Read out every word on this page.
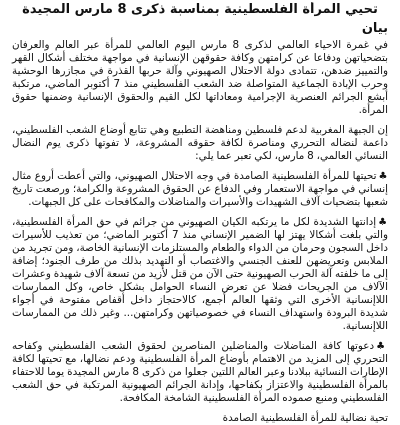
تحيي المرأة الفلسطينية بمناسبة ذكرى 8 مارس المجيدة
بيان

في غمرة الاحياء العالمي لذكرى 8 مارس اليوم العالمي للمرأة عبر العالم والعرفان بتضحياتهن ودفاعا عن كرامتهن وكافة حقوقهن الإنسانية في مواجهة مختلف أشكال القهر والتمييز ضدهن، تتمادى دولة الاحتلال الصهيوني وآلة حربها القذرة في مجازرها الوحشية وحرب الإبادة الجماعية المتواصلة ضد الشعب الفلسطيني منذ 7 أكتوبر الماضي، مرتكبة أبشع الجرائم العنصرية الإجرامية ومعاداتها لكل القيم والحقوق الإنسانية وضمنها حقوق المرأة.

إن الجبهة المغربية لدعم فلسطين ومناهضة التطبيع وهي تتابع أوضاع الشعب الفلسطيني، داعمة لنضاله التحرري ومناصرة لكافة حقوقه المشروعة، لا تفوتها ذكرى يوم النضال النسائي العالمي، 8 مارس، لكي تعبر عما يلي:

♣تحيتها للمرأة الفلسطينية الصامدة في وجه الاحتلال الصهيوني، والتي أعطت أروع مثال إنساني في مواجهة الاستعمار وفي الدفاع عن الحقوق المشروعة والكرامة؛ ورصعت تاريخ شعبها بتضحيات آلاف الشهيدات والأسيرات والمناضلات والمكافحات على كل الجبهات.

♣إدانتها الشديدة لكل ما يرتكبه الكيان الصهيوني من جرائم في حق المرأة الفلسطينية، والتي بلغت أشكالا يهتز لها الضمير الإنساني منذ 7 أكتوبر الماضي؛ من تعذيب للأسيرات داخل السجون وحرمان من الدواء والطعام والمستلزمات الإنسانية الخاصة، ومن تجريد من الملابس وتعريضهن للعنف الجنسي والاغتصاب أو التهديد بذلك من طرف الجنود؛ إضافة إلى ما خلفته آلة الحرب الصهيونية حتى الآن من قتل لأزيد من تسعة آلاف شهيدة وعشرات الآلاف من الجريحات فضلا عن تعرض النساء الحوامل بشكل خاص، وكل الممارسات اللاإنسانية الأخرى التي وثقها العالم أجمع، كالاحتجاز داخل أقفاص مفتوحة في أجواء شديدة البرودة واستهداف النساء في خصوصياتهن وكرامتهن... وغير ذلك من الممارسات اللاإنسانية.

♣دعوتها كافة المناضلات والمناضلين المناصرين لحقوق الشعب الفلسطيني وكفاحه التحرري إلى المزيد من الاهتمام بأوضاع المرأة الفلسطينية ودعم نضالها، مع تحيتها لكافة الإطارات النسائية ببلادنا وعبر العالم اللتين جعلوا من ذكرى 8 مارس المجيدة يوما للاحتفاء بالمرأة الفلسطينية والاعتزاز بكفاحها، وإدانة الجرائم الصهيونية المرتكبة في حق الشعب الفلسطيني ومنبع صموده المرأة الفلسطينية الشامخة المكافحة.

تحية نضالية للمرأة الفلسطينية الصامدة
